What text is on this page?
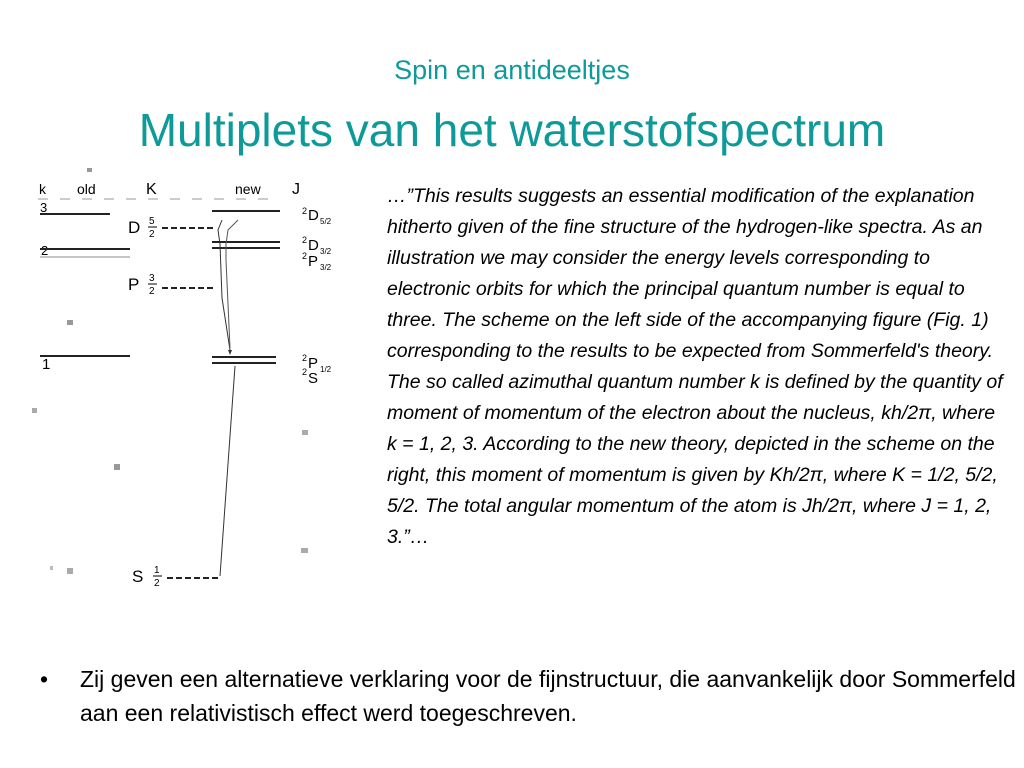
Spin en antideeltjes
Multiplets van het waterstofspectrum
k old	K	new J
3
2
1
D 5
2
P 3
2
S 1
2
2 D 5/2
2 D 3/2
2 P 3/2
2 P 1/2
2 S
…”This results suggests an essential modification of the explanation hitherto given of the fine structure of the hydrogen-like spectra. As an illustration we may consider the energy levels corresponding to electronic orbits for which the principal quantum number is equal to three. The scheme on the left side of the accompanying figure (Fig. 1) corresponding to the results to be expected from Sommerfeld's theory. The so called azimuthal quantum number k is defined by the quantity of moment of momentum of the electron about the nucleus, kh/2π, where k = 1, 2, 3. According to the new theory, depicted in the scheme on the right, this moment of momentum is given by Kh/2π, where K = 1/2, 5/2, 5/2. The total angular momentum of the atom is Jh/2π, where J = 1, 2, 3.”…
• Zij geven een alternatieve verklaring voor de fijnstructuur, die aanvankelijk door Sommerfeld aan een relativistisch effect werd toegeschreven.
